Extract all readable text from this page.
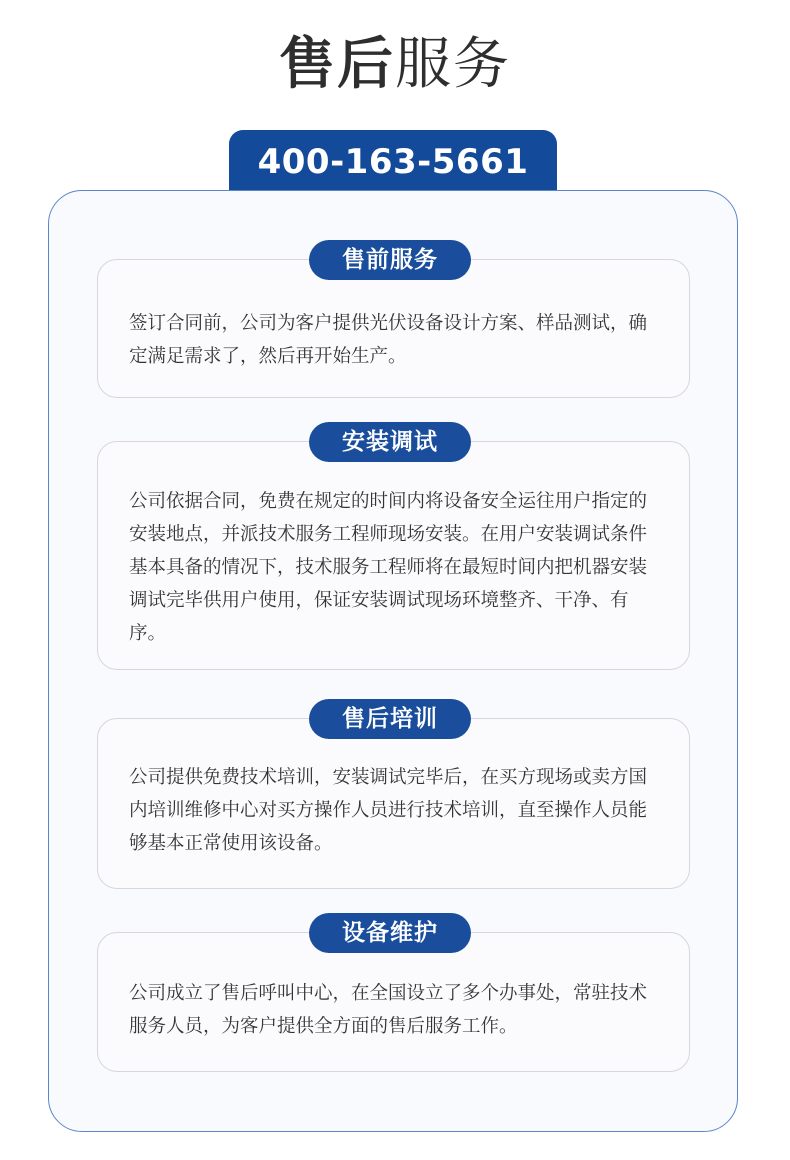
售后服务
400-163-5661
签订合同前，公司为客户提供光伏设备设计方案、样品测试，确定满足需求了，然后再开始生产。
售前服务
公司依据合同，免费在规定的时间内将设备安全运往用户指定的安装地点，并派技术服务工程师现场安装。在用户安装调试条件基本具备的情况下，技术服务工程师将在最短时间内把机器安装调试完毕供用户使用，保证安装调试现场环境整齐、干净、有序。
安装调试
公司提供免费技术培训，安装调试完毕后，在买方现场或卖方国内培训维修中心对买方操作人员进行技术培训，直至操作人员能够基本正常使用该设备。
售后培训
公司成立了售后呼叫中心，在全国设立了多个办事处，常驻技术服务人员，为客户提供全方面的售后服务工作。
设备维护
